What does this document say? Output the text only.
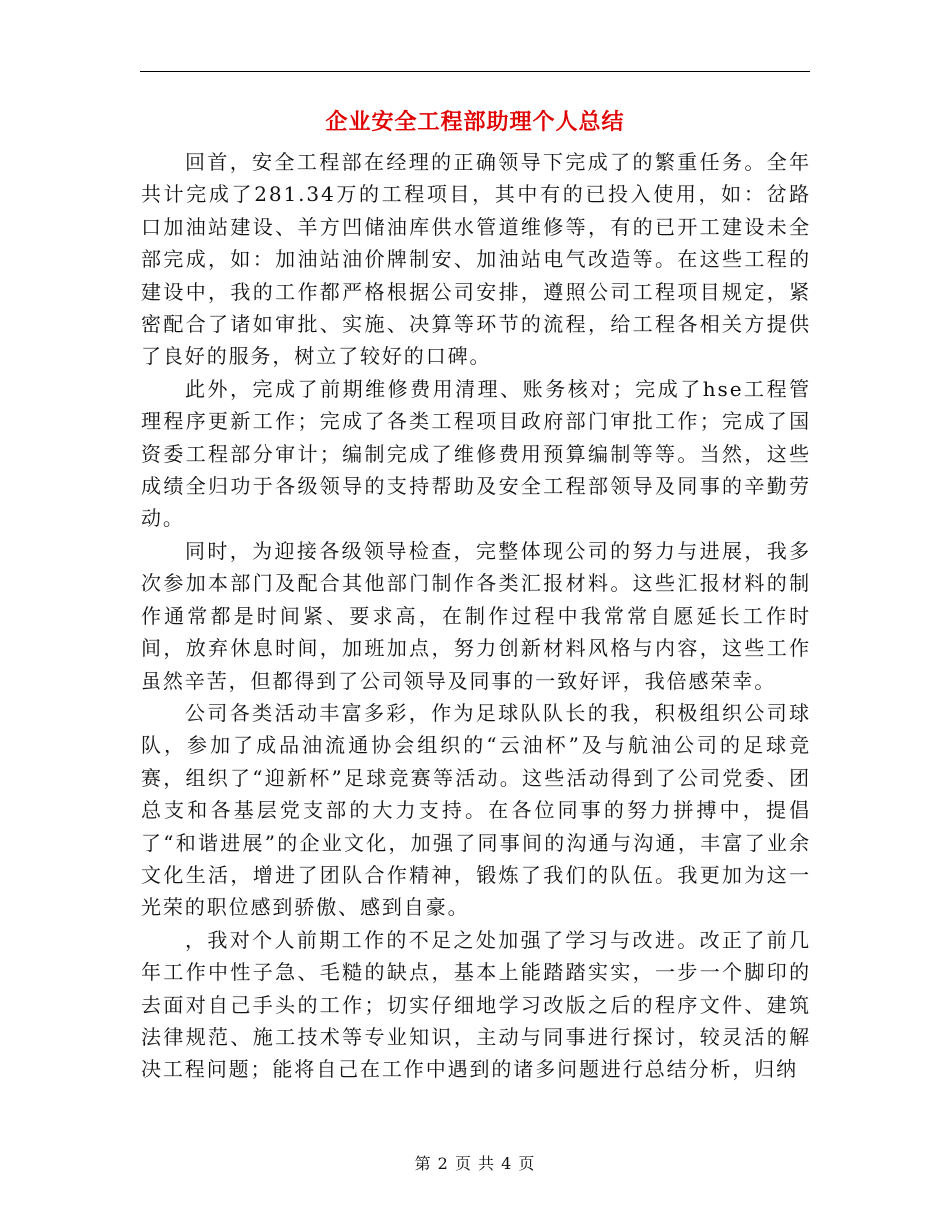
企业安全工程部助理个人总结

回首，安全工程部在经理的正确领导下完成了的繁重任务。全年共计完成了281.34万的工程项目，其中有的已投入使用，如：岔路口加油站建设、羊方凹储油库供水管道维修等，有的已开工建设未全部完成，如：加油站油价牌制安、加油站电气改造等。在这些工程的建设中，我的工作都严格根据公司安排，遵照公司工程项目规定，紧密配合了诸如审批、实施、决算等环节的流程，给工程各相关方提供了良好的服务，树立了较好的口碑。

此外，完成了前期维修费用清理、账务核对；完成了hse工程管理程序更新工作；完成了各类工程项目政府部门审批工作；完成了国资委工程部分审计；编制完成了维修费用预算编制等等。当然，这些成绩全归功于各级领导的支持帮助及安全工程部领导及同事的辛勤劳动。

同时，为迎接各级领导检查，完整体现公司的努力与进展，我多次参加本部门及配合其他部门制作各类汇报材料。这些汇报材料的制作通常都是时间紧、要求高，在制作过程中我常常自愿延长工作时间，放弃休息时间，加班加点，努力创新材料风格与内容，这些工作虽然辛苦，但都得到了公司领导及同事的一致好评，我倍感荣幸。

公司各类活动丰富多彩，作为足球队队长的我，积极组织公司球队，参加了成品油流通协会组织的“云油杯”及与航油公司的足球竞赛，组织了“迎新杯”足球竞赛等活动。这些活动得到了公司党委、团总支和各基层党支部的大力支持。在各位同事的努力拼搏中，提倡了“和谐进展”的企业文化，加强了同事间的沟通与沟通，丰富了业余文化生活，增进了团队合作精神，锻炼了我们的队伍。我更加为这一光荣的职位感到骄傲、感到自豪。

，我对个人前期工作的不足之处加强了学习与改进。改正了前几年工作中性子急、毛糙的缺点，基本上能踏踏实实，一步一个脚印的去面对自己手头的工作；切实仔细地学习改版之后的程序文件、建筑法律规范、施工技术等专业知识，主动与同事进行探讨，较灵活的解决工程问题；能将自己在工作中遇到的诸多问题进行总结分析，归纳

第 2 页 共 4 页
